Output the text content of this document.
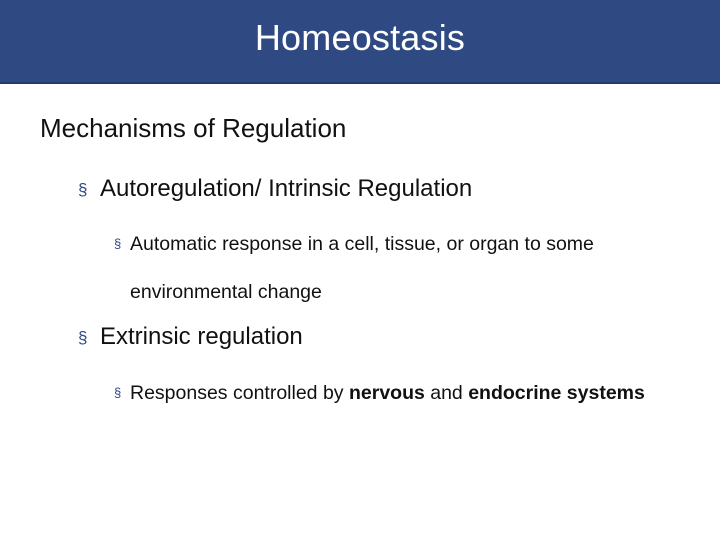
Homeostasis
Mechanisms of Regulation
§ Autoregulation/ Intrinsic Regulation
§ Automatic response in a cell, tissue, or organ to some environmental change
§ Extrinsic regulation
§ Responses controlled by nervous and endocrine systems
